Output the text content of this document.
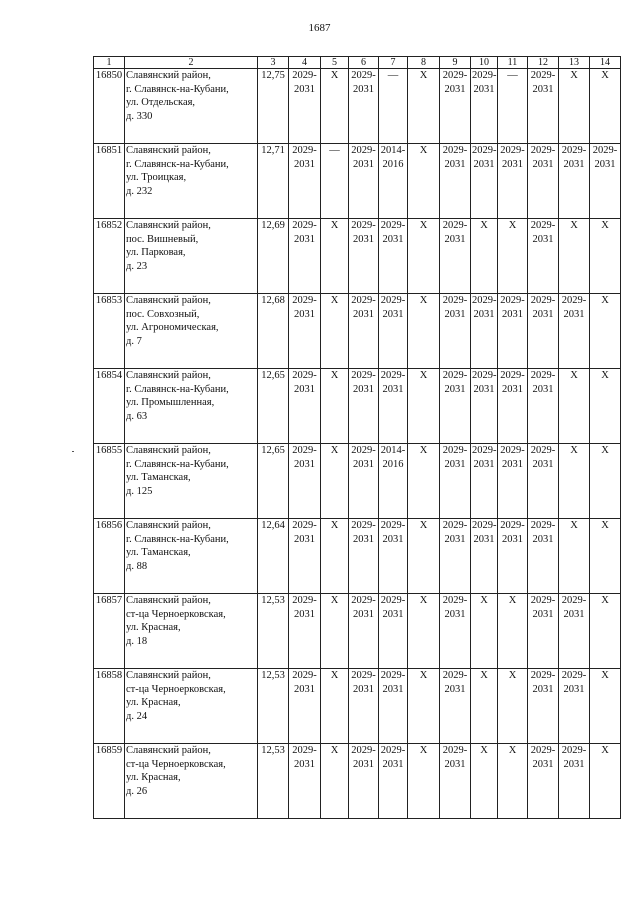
1687
1	2	3	4	5	6	7	8	9	10	11	12	13	14
16850	Славянский район,
г. Славянск-на-Кубани,
ул. Отдельская,
д. 330	12,75	2029-
2031	Х	2029-
2031	—	Х	2029-
2031	2029-
2031	—	2029-
2031	Х	Х

16851	Славянский район,
г. Славянск-на-Кубани,
ул. Троицкая,
д. 232	12,71	2029-
2031	—	2029-
2031	2014-
2016	Х	2029-
2031	2029-
2031	2029-
2031	2029-
2031	2029-
2031	2029-
2031

16852	Славянский район,
пос. Вишневый,
ул. Парковая,
д. 23	12,69	2029-
2031	Х	2029-
2031	2029-
2031	Х	2029-
2031	Х	Х	2029-
2031	Х	Х

16853	Славянский район,
пос. Совхозный,
ул. Агрономическая,
д. 7	12,68	2029-
2031	Х	2029-
2031	2029-
2031	Х	2029-
2031	2029-
2031	2029-
2031	2029-
2031	2029-
2031	Х

16854	Славянский район,
г. Славянск-на-Кубани,
ул. Промышленная,
д. 63	12,65	2029-
2031	Х	2029-
2031	2029-
2031	Х	2029-
2031	2029-
2031	2029-
2031	2029-
2031	Х	Х

16855	Славянский район,
г. Славянск-на-Кубани,
ул. Таманская,
д. 125	12,65	2029-
2031	Х	2029-
2031	2014-
2016	Х	2029-
2031	2029-
2031	2029-
2031	2029-
2031	Х	Х

16856	Славянский район,
г. Славянск-на-Кубани,
ул. Таманская,
д. 88	12,64	2029-
2031	Х	2029-
2031	2029-
2031	Х	2029-
2031	2029-
2031	2029-
2031	2029-
2031	Х	Х

16857	Славянский район,
ст-ца Черноерковская,
ул. Красная,
д. 18	12,53	2029-
2031	Х	2029-
2031	2029-
2031	Х	2029-
2031	Х	Х	2029-
2031	2029-
2031	Х

16858	Славянский район,
ст-ца Черноерковская,
ул. Красная,
д. 24	12,53	2029-
2031	Х	2029-
2031	2029-
2031	Х	2029-
2031	Х	Х	2029-
2031	2029-
2031	Х

16859	Славянский район,
ст-ца Черноерковская,
ул. Красная,
д. 26	12,53	2029-
2031	Х	2029-
2031	2029-
2031	Х	2029-
2031	Х	Х	2029-
2031	2029-
2031	Х
